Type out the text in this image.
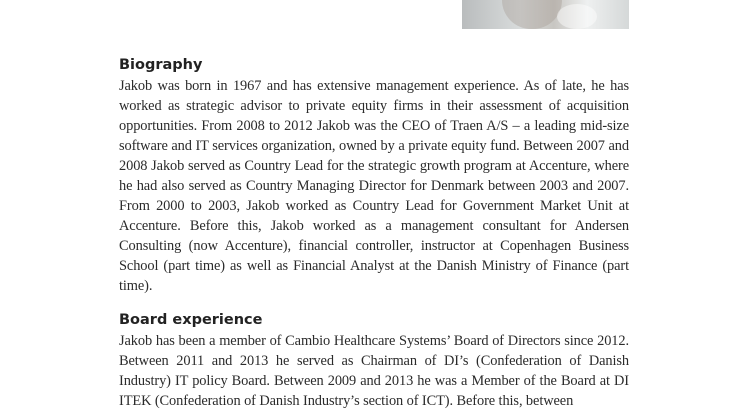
Biography

Jakob was born in 1967 and has extensive management experience. As of late, he has worked as strategic advisor to private equity firms in their assessment of acquisition opportunities. From 2008 to 2012 Jakob was the CEO of Traen A/S – a leading mid-size software and IT services organization, owned by a private equity fund. Between 2007 and 2008 Jakob served as Country Lead for the strategic growth program at Accenture, where he had also served as Country Managing Director for Denmark between 2003 and 2007. From 2000 to 2003, Jakob worked as Country Lead for Government Market Unit at Accenture. Before this, Jakob worked as a management consultant for Andersen Consulting (now Accenture), financial controller, instructor at Copenhagen Business School (part time) as well as Financial Analyst at the Danish Ministry of Finance (part time).

Board experience

Jakob has been a member of Cambio Healthcare Systems’ Board of Directors since 2012. Between 2011 and 2013 he served as Chairman of DI’s (Confederation of Danish Industry) IT policy Board. Between 2009 and 2013 he was a Member of the Board at DI ITEK (Confederation of Danish Industry’s section of ICT). Before this, between
